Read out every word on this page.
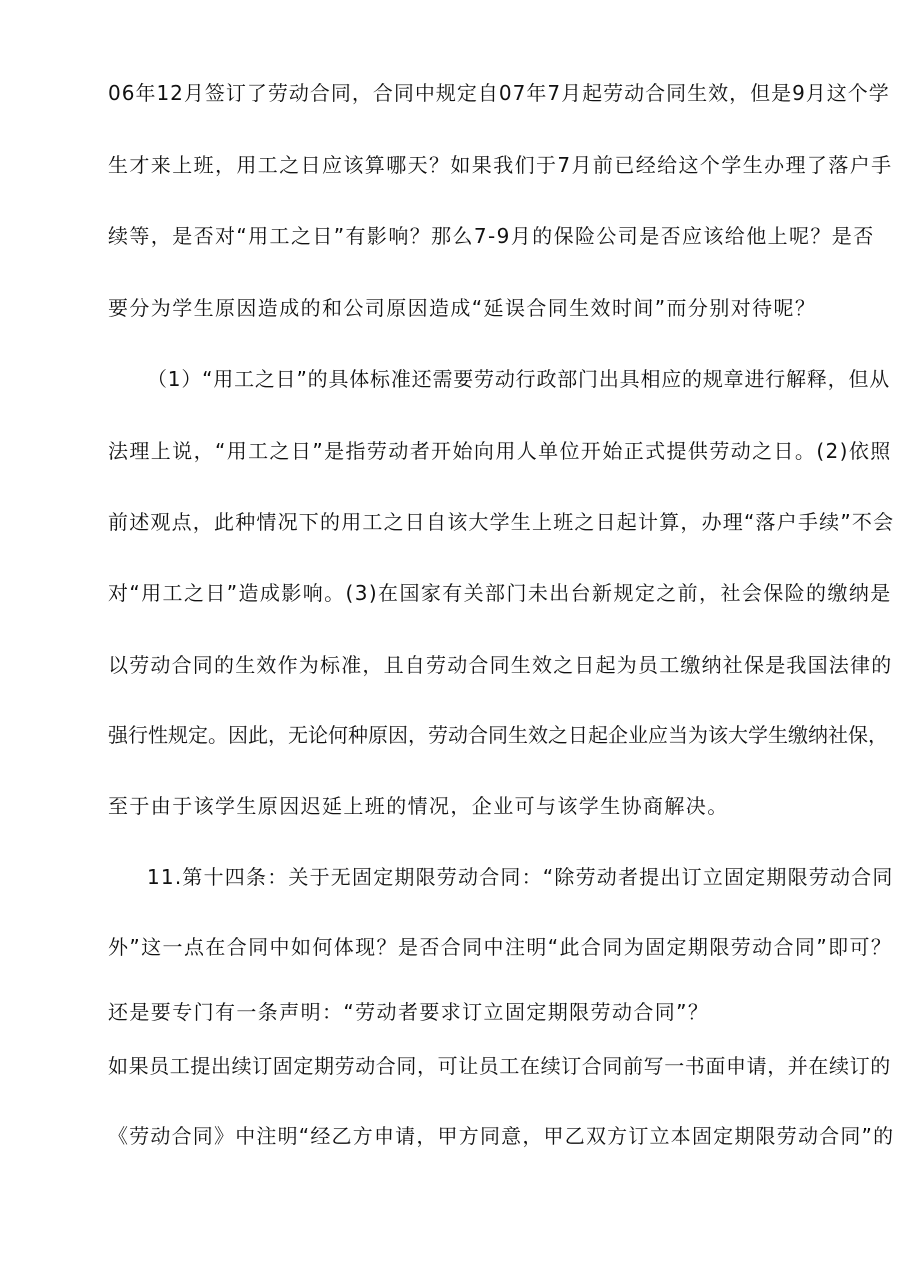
06年12月签订了劳动合同，合同中规定自07年7月起劳动合同生效，但是9月这个学
生才来上班，用工之日应该算哪天？如果我们于7月前已经给这个学生办理了落户手
续等，是否对“用工之日”有影响？那么7-9月的保险公司是否应该给他上呢？是否
要分为学生原因造成的和公司原因造成“延误合同生效时间”而分别对待呢？
（1）“用工之日”的具体标准还需要劳动行政部门出具相应的规章进行解释，但从
法理上说，“用工之日”是指劳动者开始向用人单位开始正式提供劳动之日。(2)依照
前述观点，此种情况下的用工之日自该大学生上班之日起计算，办理“落户手续”不会
对“用工之日”造成影响。(3)在国家有关部门未出台新规定之前，社会保险的缴纳是
以劳动合同的生效作为标准，且自劳动合同生效之日起为员工缴纳社保是我国法律的
强行性规定。因此，无论何种原因，劳动合同生效之日起企业应当为该大学生缴纳社保，
至于由于该学生原因迟延上班的情况，企业可与该学生协商解决。
11.第十四条：关于无固定期限劳动合同：“除劳动者提出订立固定期限劳动合同
外”这一点在合同中如何体现？是否合同中注明“此合同为固定期限劳动合同”即可？
还是要专门有一条声明：“劳动者要求订立固定期限劳动合同”？
如果员工提出续订固定期劳动合同，可让员工在续订合同前写一书面申请，并在续订的
《劳动合同》中注明“经乙方申请，甲方同意，甲乙双方订立本固定期限劳动合同”的
